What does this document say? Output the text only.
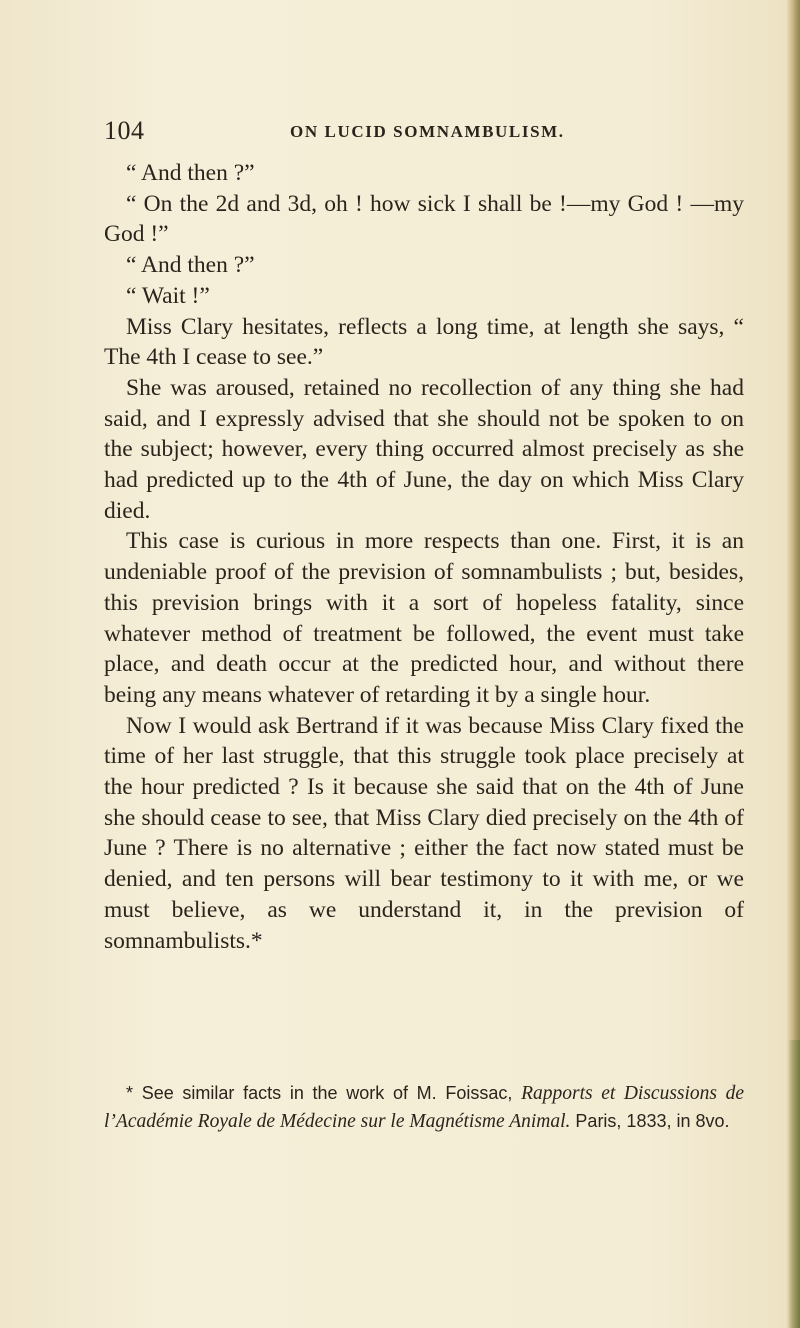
104	ON LUCID SOMNAMBULISM.

“ And then ?”

“ On the 2d and 3d, oh ! how sick I shall be !—my God ! —my God !”

“ And then ?”

“ Wait !”

Miss Clary hesitates, reflects a long time, at length she says, “ The 4th I cease to see.”

She was aroused, retained no recollection of any thing she had said, and I expressly advised that she should not be spoken to on the subject; however, every thing occurred almost precisely as she had predicted up to the 4th of June, the day on which Miss Clary died.

This case is curious in more respects than one. First, it is an undeniable proof of the prevision of somnambulists ; but, besides, this prevision brings with it a sort of hopeless fatality, since whatever method of treatment be followed, the event must take place, and death occur at the predicted hour, and without there being any means whatever of retarding it by a single hour.

Now I would ask Bertrand if it was because Miss Clary fixed the time of her last struggle, that this struggle took place precisely at the hour predicted ? Is it because she said that on the 4th of June she should cease to see, that Miss Clary died precisely on the 4th of June ? There is no alternative ; either the fact now stated must be denied, and ten persons will bear testimony to it with me, or we must believe, as we understand it, in the prevision of somnambulists.*

* See similar facts in the work of M. Foissac, Rapports et Discussions de l’Académie Royale de Médecine sur le Magnétisme Animal. Paris, 1833, in 8vo.
